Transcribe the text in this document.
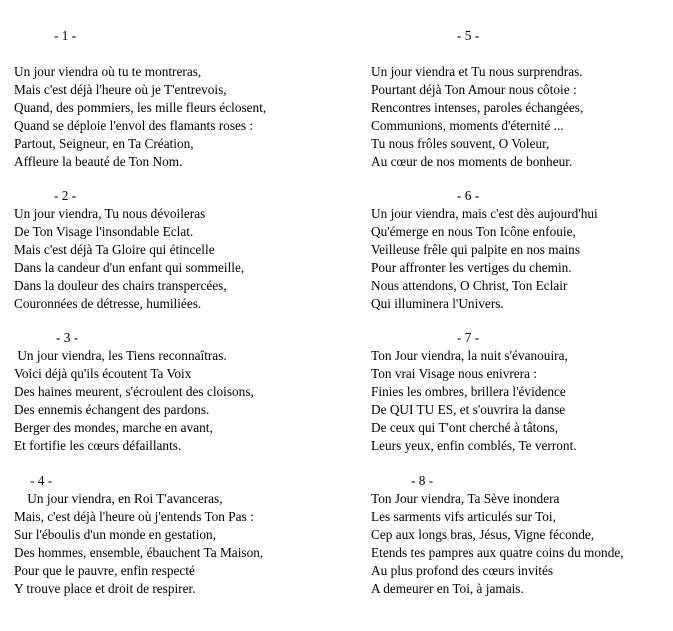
- 1 -
Un jour viendra où tu te montreras,
Mais c'est déjà l'heure où je T'entrevois,
Quand, des pommiers, les mille fleurs éclosent,
Quand se déploie l'envol des flamants roses :
Partout, Seigneur, en Ta Création,
Affleure la beauté de Ton Nom.
- 2 -
Un jour viendra, Tu nous dévoileras
De Ton Visage l'insondable Eclat.
Mais c'est déjà Ta Gloire qui étincelle
Dans la candeur d'un enfant qui sommeille,
Dans la douleur des chairs transpercées,
Couronnées de détresse, humiliées.
- 3 -
Un jour viendra, les Tiens reconnaîtras.
Voici déjà qu'ils écoutent Ta Voix
Des haines meurent, s'écroulent des cloisons,
Des ennemis échangent des pardons.
Berger des mondes, marche en avant,
Et fortifie les cœurs défaillants.
- 4 -
Un jour viendra, en Roi T'avanceras,
Mais, c'est déjà l'heure où j'entends Ton Pas :
Sur l'éboulis d'un monde en gestation,
Des hommes, ensemble, ébauchent Ta Maison,
Pour que le pauvre, enfin respecté
Y trouve place et droit de respirer.
- 5 -
Un jour viendra et Tu nous surprendras.
Pourtant déjà Ton Amour nous côtoie :
Rencontres intenses, paroles échangées,
Communions, moments d'éternité ...
Tu nous frôles souvent, O Voleur,
Au cœur de nos moments de bonheur.
- 6 -
Un jour viendra, mais c'est dès aujourd'hui
Qu'émerge en nous Ton Icône enfouie,
Veilleuse frêle qui palpite en nos mains
Pour affronter les vertiges du chemin.
Nous attendons, O Christ, Ton Eclair
Qui illuminera l'Univers.
- 7 -
Ton Jour viendra, la nuit s'évanouira,
Ton vrai Visage nous enivrera :
Finies les ombres, brillera l'évidence
De QUI TU ES, et s'ouvrira la danse
De ceux qui T'ont cherché à tâtons,
Leurs yeux, enfin comblés, Te verront.
- 8 -
Ton Jour viendra, Ta Sève inondera
Les sarments vifs articulés sur Toi,
Cep aux longs bras, Jésus, Vigne féconde,
Etends tes pampres aux quatre coins du monde,
Au plus profond des cœurs invités
A demeurer en Toi, à jamais.
